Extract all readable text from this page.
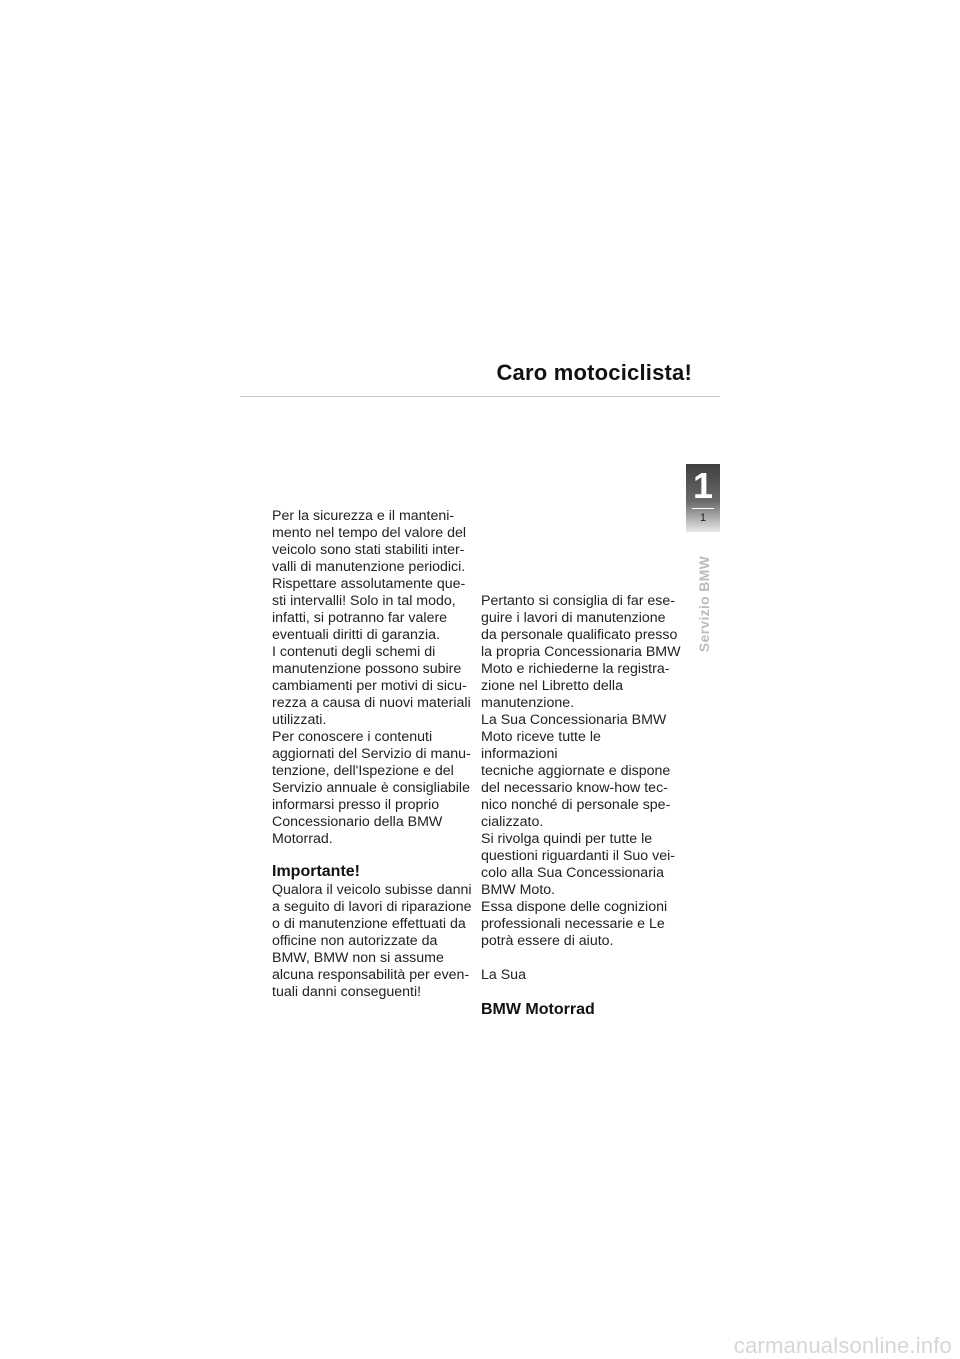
Caro motociclista!
1
1
Servizio BMW

Per la sicurezza e il manteni-

mento nel tempo del valore del

veicolo sono stati stabiliti inter-

valli di manutenzione periodici.

Rispettare assolutamente que-

sti intervalli! Solo in tal modo,

infatti, si potranno far valere

eventuali diritti di garanzia.

I contenuti degli schemi di

manutenzione possono subire

cambiamenti per motivi di sicu-

rezza a causa di nuovi materiali

utilizzati.

Per conoscere i contenuti

aggiornati del Servizio di manu-

tenzione, dell'Ispezione e del

Servizio annuale è consigliabile

informarsi presso il proprio

Concessionario della BMW

Motorrad.

Importante!

Qualora il veicolo subisse danni

a seguito di lavori di riparazione

o di manutenzione effettuati da

officine non autorizzate da

BMW, BMW non si assume

alcuna responsabilità per even-

tuali danni conseguenti!

Pertanto si consiglia di far ese-

guire i lavori di manutenzione

da personale qualificato presso

la propria Concessionaria BMW

Moto e richiederne la registra-

zione nel Libretto della

manutenzione.

La Sua Concessionaria BMW

Moto riceve tutte le informazioni

tecniche aggiornate e dispone

del necessario know-how tec-

nico nonché di personale spe-

cializzato.

Si rivolga quindi per tutte le

questioni riguardanti il Suo vei-

colo alla Sua Concessionaria

BMW Moto.

Essa dispone delle cognizioni

professionali necessarie e Le

potrà essere di aiuto.

La Sua

BMW Motorrad

carmanualsonline.info
